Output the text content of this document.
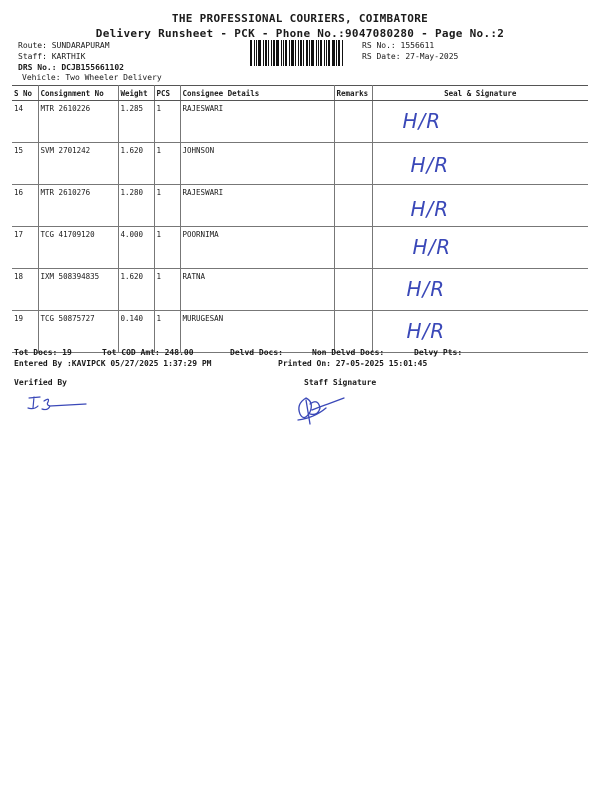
THE PROFESSIONAL COURIERS, COIMBATORE
Delivery Runsheet - PCK - Phone No.:9047080280 - Page No.:2
Route: SUNDARAPURAM
Staff: KARTHIK
DRS No.: DCJB155661102
Vehicle: Two Wheeler Delivery
RS No.: 1556611
RS Date: 27-May-2025
S No	Consignment No	Weight	PCS	Consignee Details	Remarks	Seal & Signature
14	MTR 2610226	1.285	1	RAJESWARI		H/R

15	SVM 2701242	1.620	1	JOHNSON		H/R

16	MTR 2610276	1.280	1	RAJESWARI		H/R

17	TCG 41709120	4.000	1	POORNIMA		H/R

18	IXM 508394835	1.620	1	RATNA		H/R

19	TCG 50875727	0.140	1	MURUGESAN		H/R
Tot Docs: 19	Tot COD Amt: 248.00	Delvd Docs:	Non Delvd Docs:	Delvy Pts:
Entered By :KAVIPCK 05/27/2025 1:37:29 PM	Printed On: 27-05-2025 15:01:45
Verified By	Staff Signature
